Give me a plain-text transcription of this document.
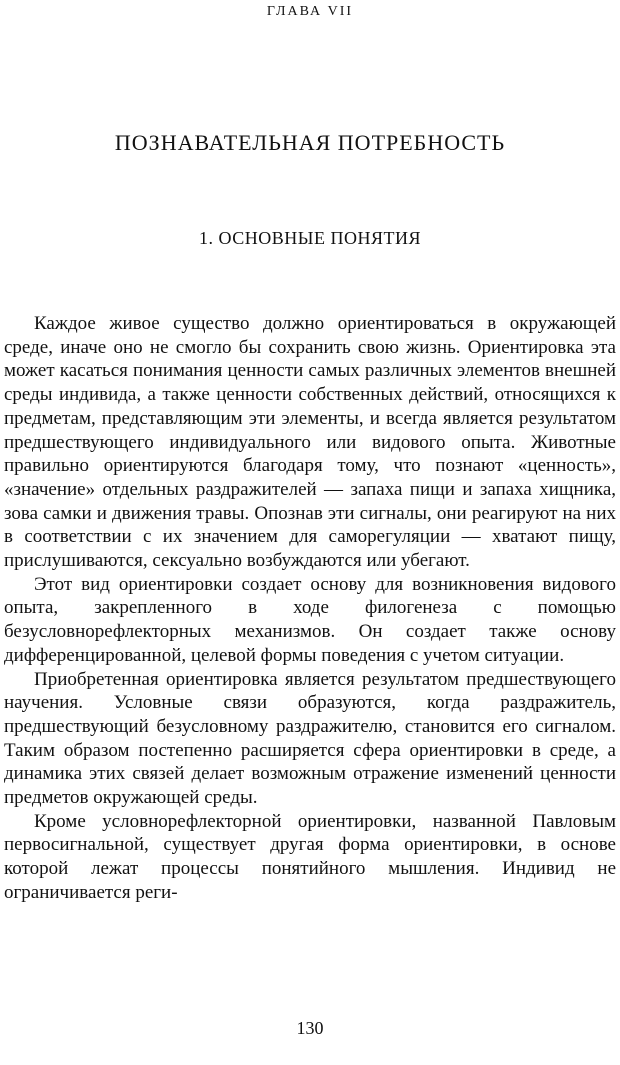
ГЛАВА VII
ПОЗНАВАТЕЛЬНАЯ ПОТРЕБНОСТЬ
1. ОСНОВНЫЕ ПОНЯТИЯ

Каждое живое существо должно ориентироваться в окружающей среде, иначе оно не смогло бы сохранить свою жизнь. Ориентировка эта может касаться понимания ценности самых различных элементов внешней среды индивида, а также ценности собственных действий, относящихся к предметам, представляющим эти элементы, и всегда является результатом предшествующего индивидуального или видового опыта. Животные правильно ориентируются благодаря тому, что познают «ценность», «значение» отдельных раздражителей — запаха пищи и запаха хищника, зова самки и движения травы. Опознав эти сигналы, они реагируют на них в соответствии с их значением для саморегуляции — хватают пищу, прислушиваются, сексуально возбуждаются или убегают.

Этот вид ориентировки создает основу для возникновения видового опыта, закрепленного в ходе филогенеза с помощью безусловнорефлекторных механизмов. Он создает также основу дифференцированной, целевой формы поведения с учетом ситуации.

Приобретенная ориентировка является результатом предшествующего научения. Условные связи образуются, когда раздражитель, предшествующий безусловному раздражителю, становится его сигналом. Таким образом постепенно расширяется сфера ориентировки в среде, а динамика этих связей делает возможным отражение изменений ценности предметов окружающей среды.

Кроме условнорефлекторной ориентировки, названной Павловым первосигнальной, существует другая форма ориентировки, в основе которой лежат процессы понятийного мышления. Индивид не ограничивается реги-

130
